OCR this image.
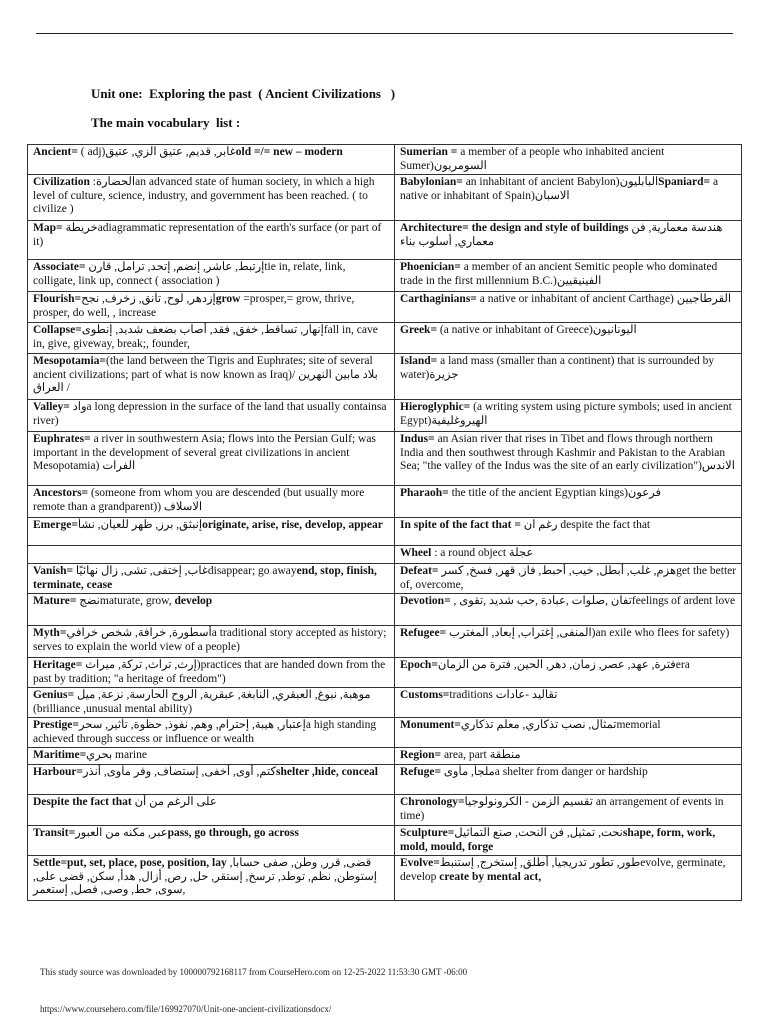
Unit one:  Exploring the past  ( Ancient Civilizations   )
The main vocabulary  list :
Ancient= ( adj)غابر, قديم, عتيق الزي, عتيقold =/= new – modern	Sumerian = a member of a people who inhabited ancient Sumer)السومريون

Civilization :الحضارةan advanced state of human society, in which a high level of culture, science, industry, and government has been reached. ( to civilize )	Babylonian= an inhabitant of ancient Babylon)البابليونSpaniard= a native or inhabitant of Spain)الاسبان

Map= خريطةadiagrammatic representation of the earth's surface (or part of it)	Architecture= the design and style of buildings هندسة معمارية, فن معماري, أسلوب بناء

Associate= إرتبط, عاشر, إنضم, إتحد, ترامل, قارنtie in, relate, link, colligate, link up, connect ( association )	Phoenician= a member of an ancient Semitic people who dominated trade in the first millennium B.C.)الفينيقيين

Flourish=إزدهر, لوح, تأنق, زخرف, نجحgrow =prosper,= grow, thrive, prosper, do well, , increase	Carthaginians= a native or inhabitant of ancient Carthage) القرطاجيين

Collapse=إنهار, تساقط, خفق, فقد, أصاب بضعف شديد, إنطوىfall in, cave in, give, giveway, break;, founder,	Greek= (a native or inhabitant of Greece)اليونانيون

Mesopotamia=(the land between the Tigris and Euphrates; site of several ancient civilizations; part of what is now known as Iraq)بلاد مابين النهرين / العراق /	Island= a land mass (smaller than a continent) that is surrounded by water)جزيرة

Valley= وادa long depression in the surface of the land that usually containsa river)	Hieroglyphic= (a writing system using picture symbols; used in ancient Egypt)الهيروغليفية

Euphrates= a river in southwestern Asia; flows into the Persian Gulf; was important in the development of several great civilizations in ancient Mesopotamia) الفرات	Indus= an Asian river that rises in Tibet and flows through northern India and then southwest through Kashmir and Pakistan to the Arabian Sea; "the valley of the Indus was the site of an early civilization")الاندس

Ancestors= (someone from whom you are descended (but usually more remote than a grandparent)) الاسلاف	Pharaoh= the title of the ancient Egyptian kings)فرعون

Emerge=إنبثق, برز, ظهر للعيان, نشأoriginate, arise, rise, develop, appear	In spite of the fact that = رغم ان despite the fact that

	Wheel : a round object عجلة

Vanish= غاب, إختفى, تشى, زال نهائيًاdisappear; go awayend, stop, finish, terminate, cease	Defeat= هزم, غلب, أبطل, خيب, أحبط, فاز, قهر, فسخ, كسرget the better of, overcome,

Mature= نضجmaturate, grow, develop	Devotion= , تفان ,صلوات ,عبادة ,حب شديد ,تقوىfeelings of ardent love

Myth=أسطورة, خرافة, شخص خرافيa traditional story accepted as history; serves to explain the world view of a people)	Refugee= المنفى, إغتراب, إبعاد, المغترب)an exile who flees for safety)

Heritage= إرث, تراث, تركة, ميراث)practices that are handed down from the past by tradition; "a heritage of freedom")	Epoch=فترة, عهد, عصر, زمان, دهر, الحين, فترة من الزمانera

Genius= موهبة, نبوغ, العبقري, النابغة, عبقرية, الروح الحارسة, نزعة, ميل (brilliance ,unusual mental ability)	Customs=traditions تقاليد -عادات

Prestige=إعتبار, هيبة, إحترام, وهم, نفوذ, حظوة, تأثير, سحرa high standing achieved through success or influence or wealth	Monument=تمثال, نصب تذكاري, معلم تذكاريmemorial

Maritime=بحري marine	Region= area, part منطقة

Harbour=كتم, أوى, أخفى, إستضاف, وفر مأوى, أنذرshelter ,hide, conceal	Refuge= ملجأ, مأوىa shelter from danger or hardship

Despite the fact that على الرغم من أن	Chronology=تقسيم الزمن - الكرونولوجيا an arrangement of events in time)

Transit=عبر, مكنه من العبورpass, go through, go across	Sculpture=نحت, تمثيل, فن النحت, صنع التماثيلshape, form, work, mold, mould, forge

Settle=put, set, place, pose, position, lay قضى, قرر, وطن, صفى حسابا, إستوطن, نظم, توطد, ترسخ, إستقر, حل, رص, أزال, هدأ, سكن, قضى على, سوى, حط, وصى, فصل, إستعمر,	Evolve=طور, تطور تدريجيا, أطلق, إستخرج, إستنبطevolve, germinate, develop create by mental act,
This study source was downloaded by 100000792168117 from CourseHero.com on 12-25-2022 11:53:30 GMT -06:00
https://www.coursehero.com/file/169927070/Unit-one-ancient-civilizationsdocx/
